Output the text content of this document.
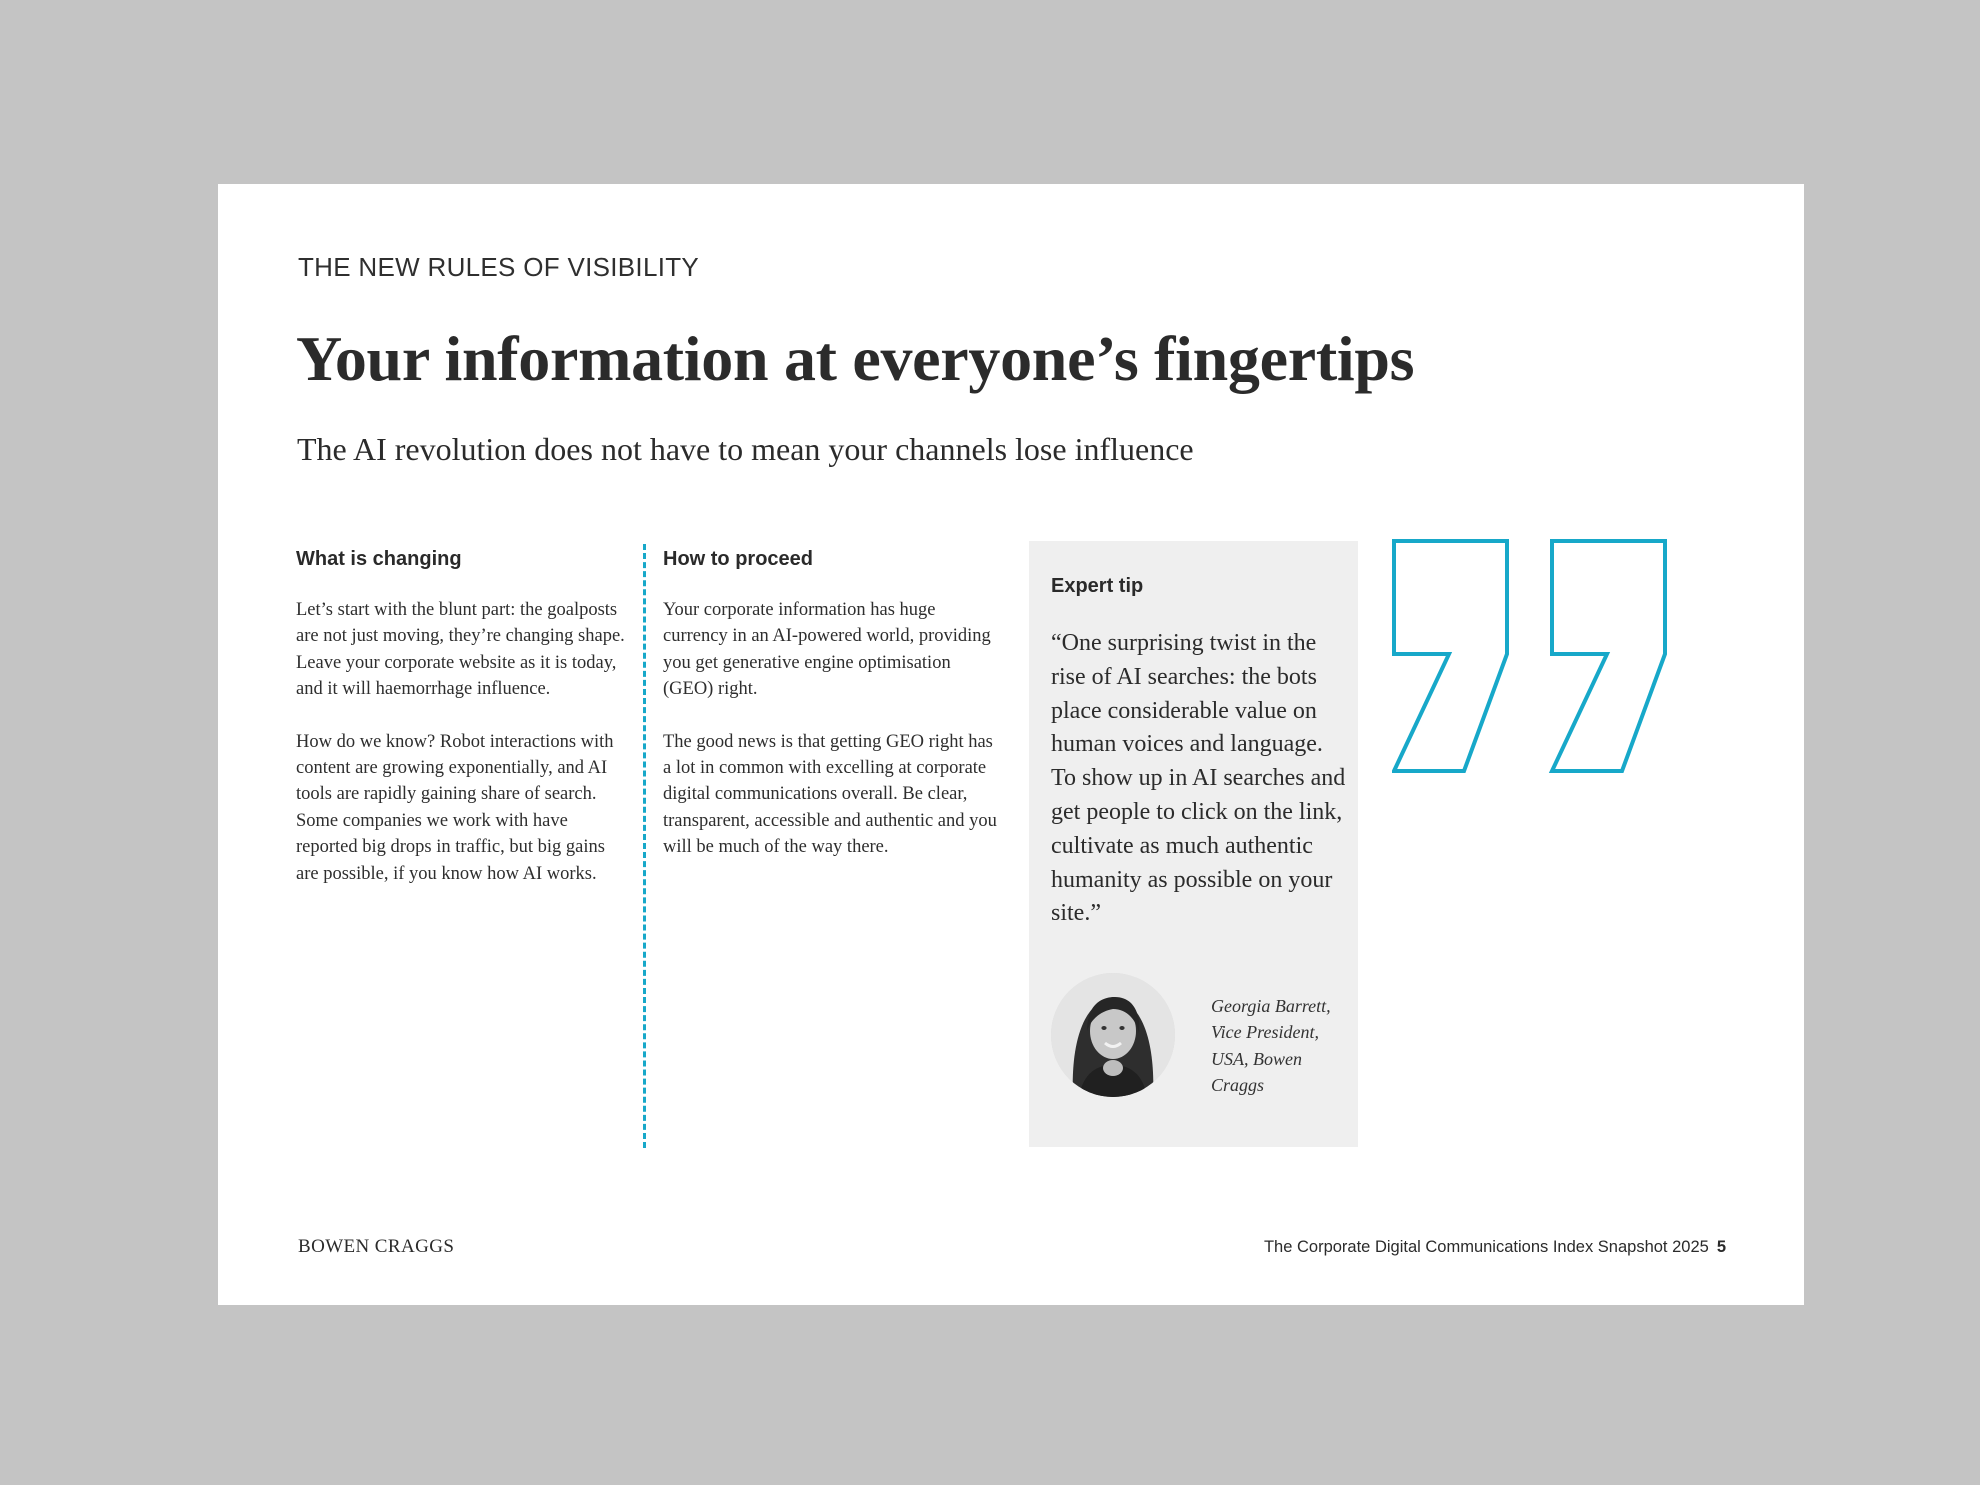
THE NEW RULES OF VISIBILITY
Your information at everyone’s fingertips
The AI revolution does not have to mean your channels lose influence
What is changing

Let’s start with the blunt part: the goalposts are not just moving, they’re changing shape. Leave your corporate website as it is today, and it will haemorrhage influence.

How do we know? Robot interactions with content are growing exponentially, and AI tools are rapidly gaining share of search. Some companies we work with have reported big drops in traffic, but big gains are possible, if you know how AI works.

How to proceed

Your corporate information has huge currency in an AI-powered world, providing you get generative engine optimisation (GEO) right.

The good news is that getting GEO right has a lot in common with excelling at corporate digital communications overall. Be clear, transparent, accessible and authentic and you will be much of the way there.

Expert tip
“One surprising twist in the rise of AI searches: the bots place considerable value on human voices and language. To show up in AI searches and get people to click on the link, cultivate as much authentic humanity as possible on your site.”
Georgia Barrett, Vice President, USA, Bowen Craggs
BOWEN CRAGGS	The Corporate Digital Communications Index Snapshot 2025 5
